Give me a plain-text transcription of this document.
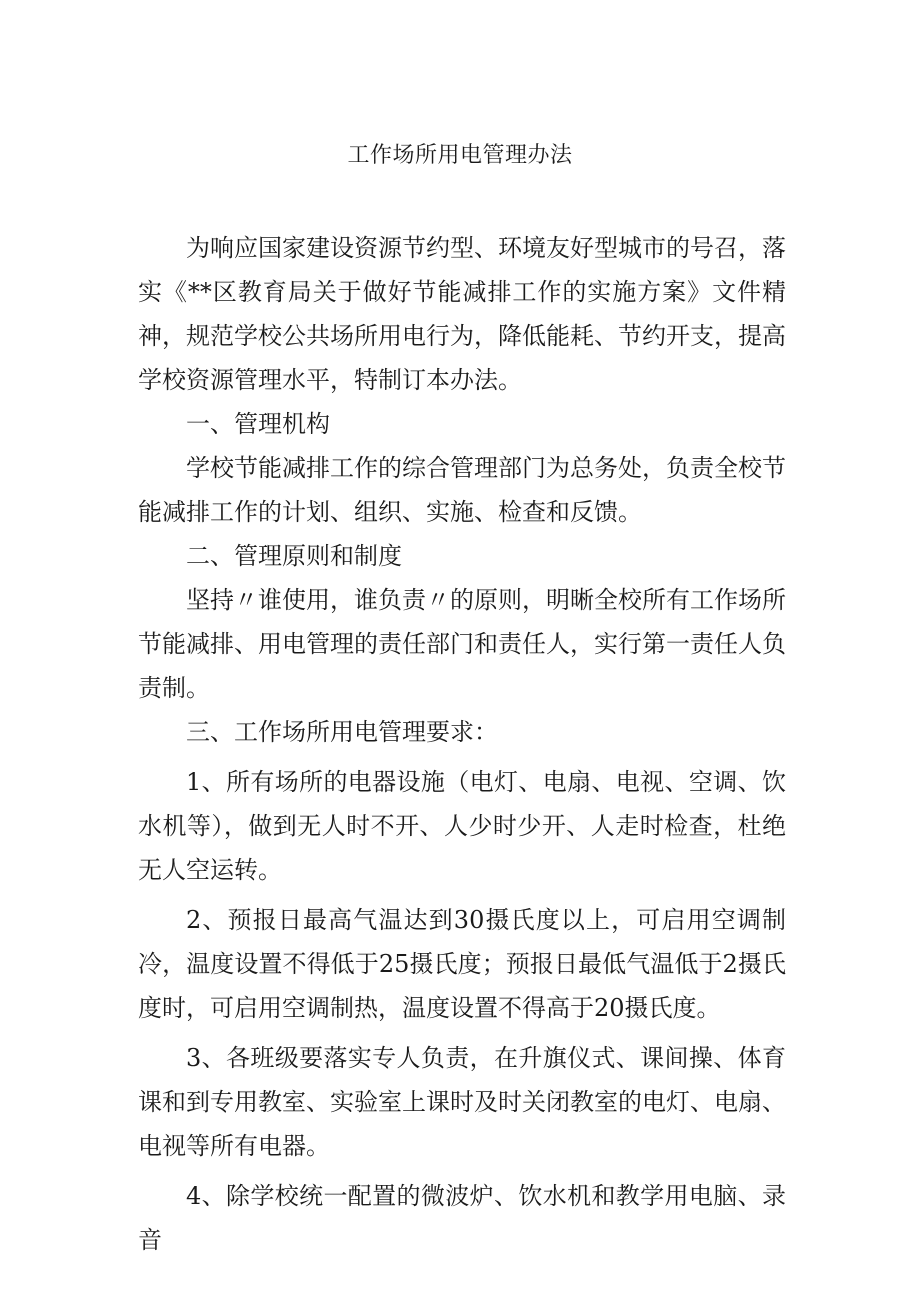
工作场所用电管理办法

为响应国家建设资源节约型、环境友好型城市的号召，落实《**区教育局关于做好节能减排工作的实施方案》文件精神，规范学校公共场所用电行为，降低能耗、节约开支，提高学校资源管理水平，特制订本办法。

一、管理机构

学校节能减排工作的综合管理部门为总务处，负责全校节能减排工作的计划、组织、实施、检查和反馈。

二、管理原则和制度

坚持〃谁使用，谁负责〃的原则，明晰全校所有工作场所节能减排、用电管理的责任部门和责任人，实行第一责任人负责制。

三、工作场所用电管理要求：

1、所有场所的电器设施（电灯、电扇、电视、空调、饮水机等），做到无人时不开、人少时少开、人走时检查，杜绝无人空运转。

2、预报日最高气温达到30摄氏度以上，可启用空调制冷，温度设置不得低于25摄氏度；预报日最低气温低于2摄氏度时，可启用空调制热，温度设置不得高于20摄氏度。

3、各班级要落实专人负责，在升旗仪式、课间操、体育课和到专用教室、实验室上课时及时关闭教室的电灯、电扇、电视等所有电器。

4、除学校统一配置的微波炉、饮水机和教学用电脑、录音
